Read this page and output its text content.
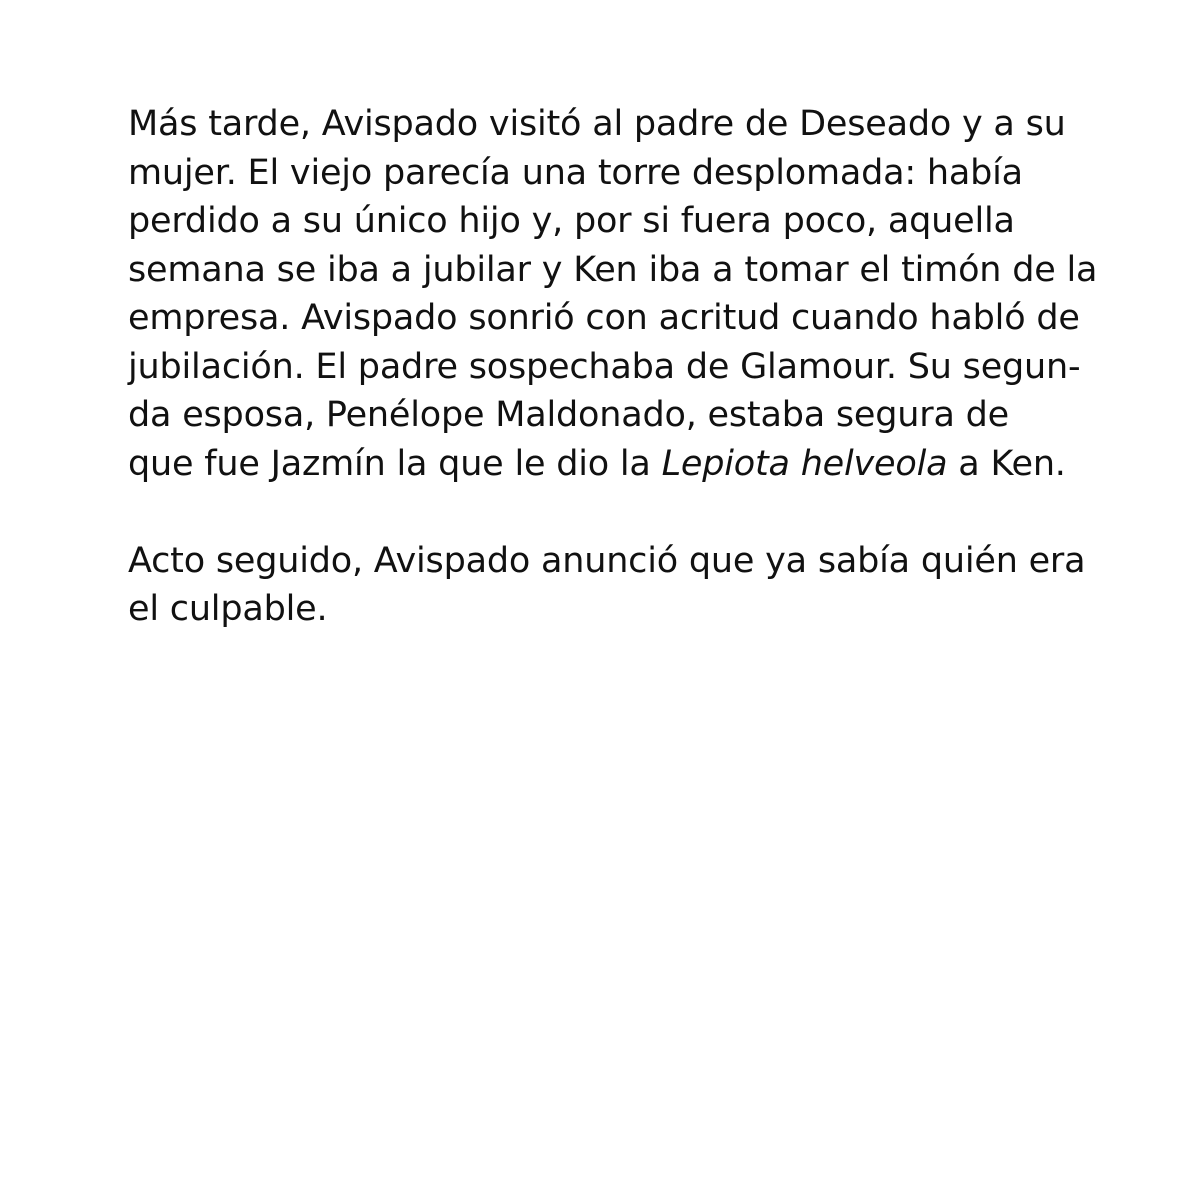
Más tarde, Avispado visitó al padre de Deseado y a su
mujer. El viejo parecía una torre desplomada: había
perdido a su único hijo y, por si fuera poco, aquella
semana se iba a jubilar y Ken iba a tomar el timón de la
empresa. Avispado sonrió con acritud cuando habló de
jubilación. El padre sospechaba de Glamour. Su segun-
da esposa, Penélope Maldonado, estaba segura de
que fue Jazmín la que le dio la Lepiota helveola a Ken.

Acto seguido, Avispado anunció que ya sabía quién era
el culpable.
